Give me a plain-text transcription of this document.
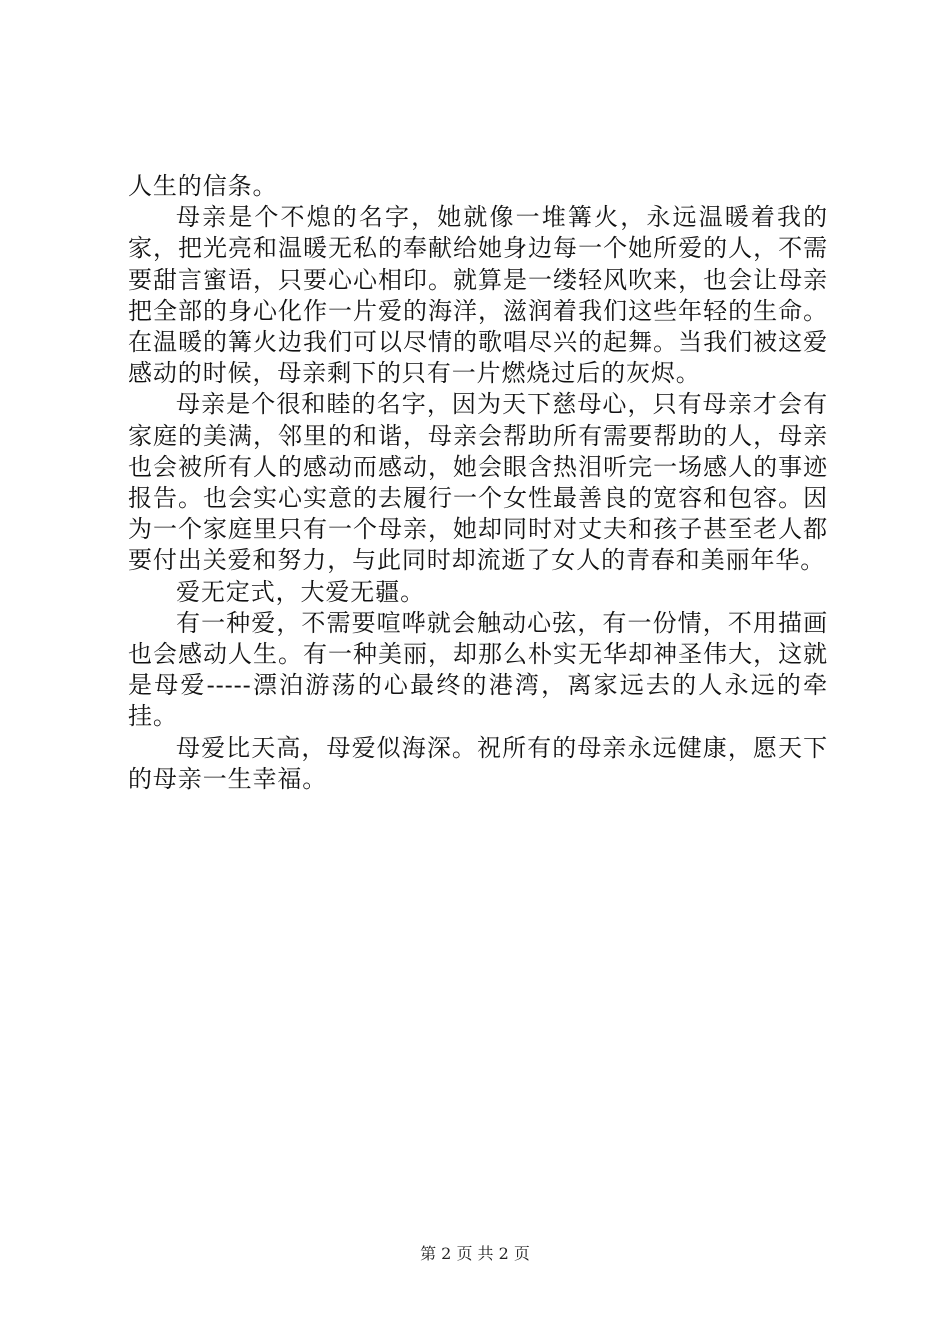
人生的信条。

母亲是个不熄的名字，她就像一堆篝火，永远温暖着我的家，把光亮和温暖无私的奉献给她身边每一个她所爱的人，不需要甜言蜜语，只要心心相印。就算是一缕轻风吹来，也会让母亲把全部的身心化作一片爱的海洋，滋润着我们这些年轻的生命。在温暖的篝火边我们可以尽情的歌唱尽兴的起舞。当我们被这爱感动的时候，母亲剩下的只有一片燃烧过后的灰烬。

母亲是个很和睦的名字，因为天下慈母心，只有母亲才会有家庭的美满，邻里的和谐，母亲会帮助所有需要帮助的人，母亲也会被所有人的感动而感动，她会眼含热泪听完一场感人的事迹报告。也会实心实意的去履行一个女性最善良的宽容和包容。因为一个家庭里只有一个母亲，她却同时对丈夫和孩子甚至老人都要付出关爱和努力，与此同时却流逝了女人的青春和美丽年华。

爱无定式，大爱无疆。

有一种爱，不需要喧哗就会触动心弦，有一份情，不用描画也会感动人生。有一种美丽，却那么朴实无华却神圣伟大，这就是母爱-----漂泊游荡的心最终的港湾，离家远去的人永远的牵挂。

母爱比天高，母爱似海深。祝所有的母亲永远健康，愿天下的母亲一生幸福。

第 2 页 共 2 页
